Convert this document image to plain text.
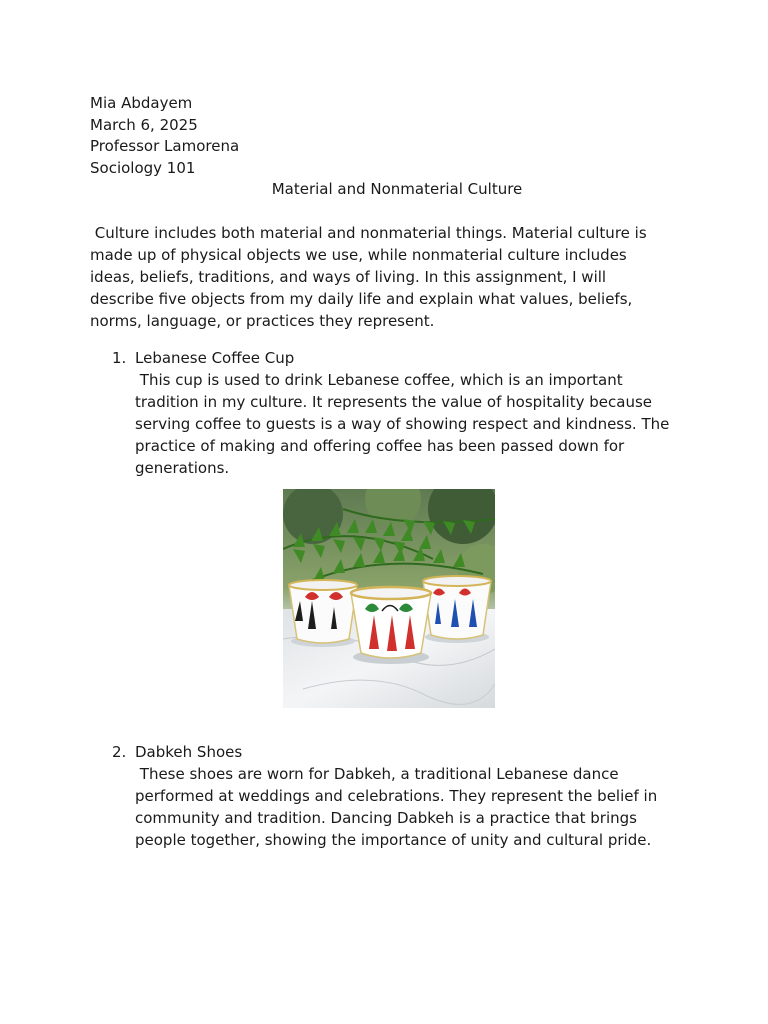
Mia Abdayem
March 6, 2025
Professor Lamorena
Sociology 101
Material and Nonmaterial Culture
Culture includes both material and nonmaterial things. Material culture is made up of physical objects we use, while nonmaterial culture includes ideas, beliefs, traditions, and ways of living. In this assignment, I will describe five objects from my daily life and explain what values, beliefs, norms, language, or practices they represent.
1. Lebanese Coffee Cup
This cup is used to drink Lebanese coffee, which is an important tradition in my culture. It represents the value of hospitality because serving coffee to guests is a way of showing respect and kindness. The practice of making and offering coffee has been passed down for generations.
2. Dabkeh Shoes
These shoes are worn for Dabkeh, a traditional Lebanese dance performed at weddings and celebrations. They represent the belief in community and tradition. Dancing Dabkeh is a practice that brings people together, showing the importance of unity and cultural pride.
